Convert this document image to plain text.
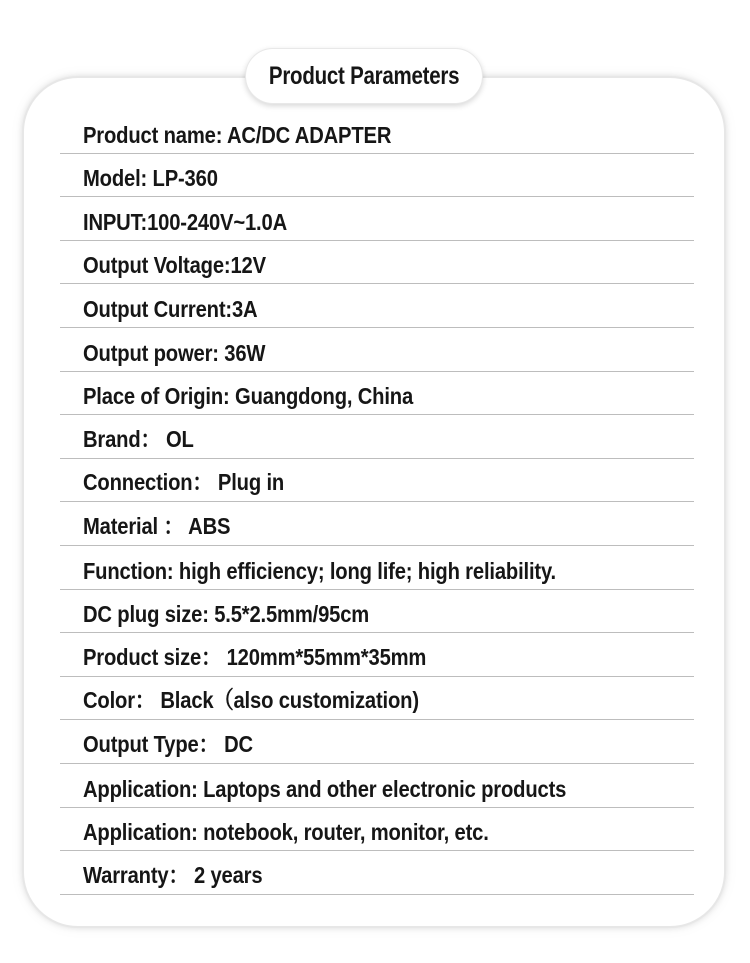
Product Parameters
Product name: AC/DC ADAPTER
Model: LP-360
INPUT:100-240V~1.0A
Output Voltage:12V
Output Current:3A
Output power: 36W
Place of Origin: Guangdong, China
Brand： OL
Connection： Plug in
Material ： ABS
Function: high efficiency; long life; high reliability.
DC plug size: 5.5*2.5mm/95cm
Product size： 120mm*55mm*35mm
Color： Black（also customization)
Output Type： DC
Application: Laptops and other electronic products
Application: notebook, router, monitor, etc.
Warranty： 2 years
